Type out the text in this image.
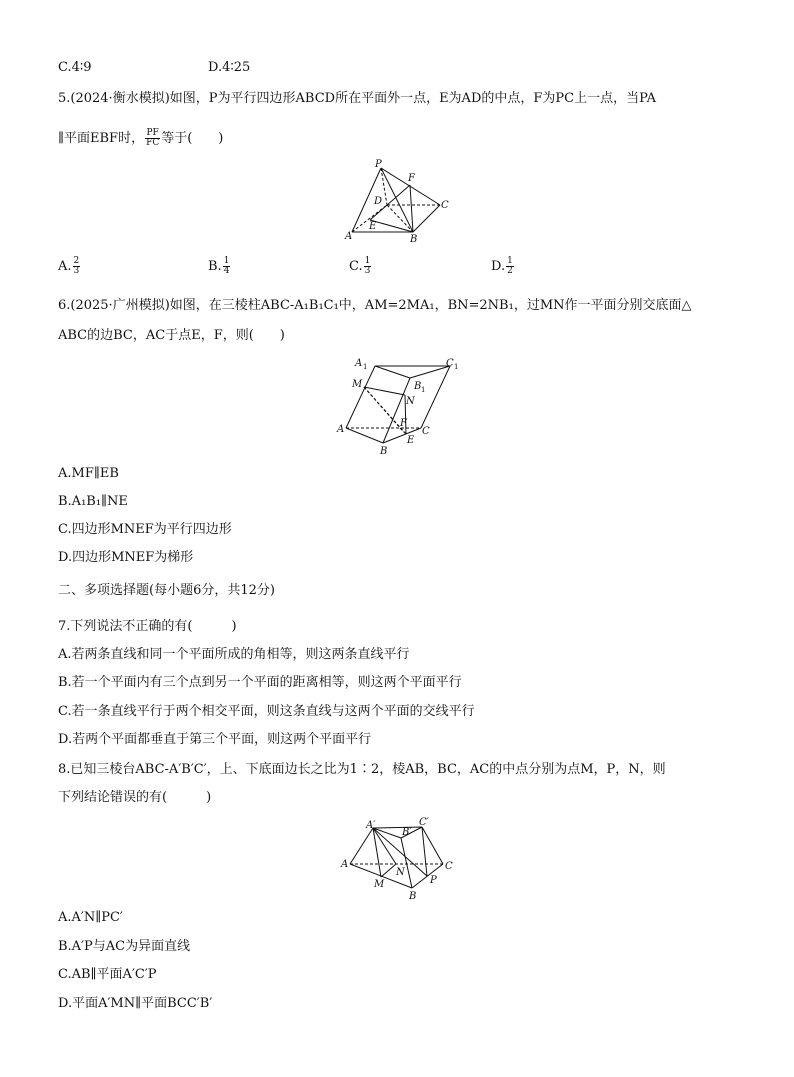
C.4∶9	D.4∶25
5.(2024·衡水模拟)如图，P为平行四边形ABCD所在平面外一点，E为AD的中点，F为PC上一点，当PA
∥平面EBF时， $\frac{PF}{FC}$ 等于(　　)
P
F
D	C
A
E
B
A. $\frac{2}{3}$	B. $\frac{1}{4}$	C. $\frac{1}{3}$	D. $\frac{1}{2}$
6.(2025·广州模拟)如图，在三棱柱ABC-A₁B₁C₁中，AM=2MA₁，BN=2NB₁，过MN作一平面分别交底面△
ABC的边BC，AC于点E，F，则(　　)
A 1	C 1
M	B 1
N
F
A	C
E
B
A.MF∥EB
B.A₁B₁∥NE
C.四边形MNEF为平行四边形
D.四边形MNEF为梯形
二、多项选择题(每小题6分，共12分)
7.下列说法不正确的有(　　　)
A.若两条直线和同一个平面所成的角相等，则这两条直线平行
B.若一个平面内有三个点到另一个平面的距离相等，则这两个平面平行
C.若一条直线平行于两个相交平面，则这条直线与这两个平面的交线平行
D.若两个平面都垂直于第三个平面，则这两个平面平行
8.已知三棱台ABC-A′B′C′，上、下底面边长之比为1∶2，棱AB，BC，AC的中点分别为点M，P，N，则
下列结论错误的有(　　　)
A′
B′
C′
A
N
C
M	P
B
A.A′N∥PC′
B.A′P与AC为异面直线
C.AB∥平面A′C′P
D.平面A′MN∥平面BCC′B′
